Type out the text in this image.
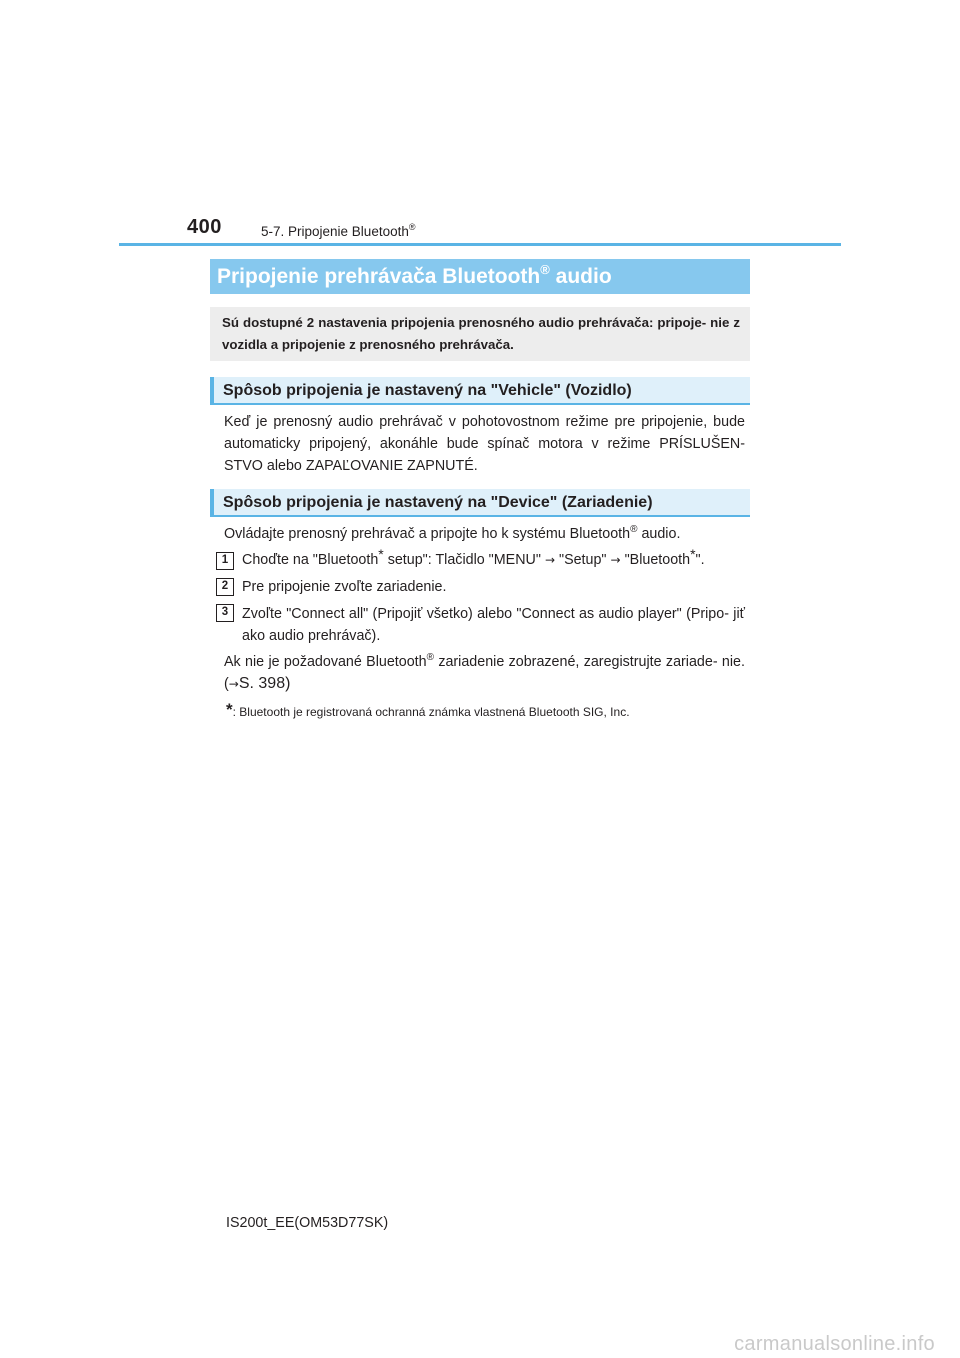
400	5-7. Pripojenie Bluetooth®
Pripojenie prehrávača Bluetooth® audio
Sú dostupné 2 nastavenia pripojenia prenosného audio prehrávača: pripoje- nie z vozidla a pripojenie z prenosného prehrávača.
Spôsob pripojenia je nastavený na "Vehicle" (Vozidlo)
Keď je prenosný audio prehrávač v pohotovostnom režime pre pripojenie, bude automaticky pripojený, akonáhle bude spínač motora v režime PRÍSLUŠEN- STVO alebo ZAPAĽOVANIE ZAPNUTÉ.
Spôsob pripojenia je nastavený na "Device" (Zariadenie)
Ovládajte prenosný prehrávač a pripojte ho k systému Bluetooth® audio.
1 Choďte na "Bluetooth* setup": Tlačidlo "MENU" → "Setup" → "Bluetooth*".
2 Pre pripojenie zvoľte zariadenie.
3 Zvoľte "Connect all" (Pripojiť všetko) alebo "Connect as audio player" (Pripo- jiť ako audio prehrávač).
Ak nie je požadované Bluetooth® zariadenie zobrazené, zaregistrujte zariade- nie. (→S. 398)
*: Bluetooth je registrovaná ochranná známka vlastnená Bluetooth SIG, Inc.
IS200t_EE(OM53D77SK)
carmanualsonline.info
